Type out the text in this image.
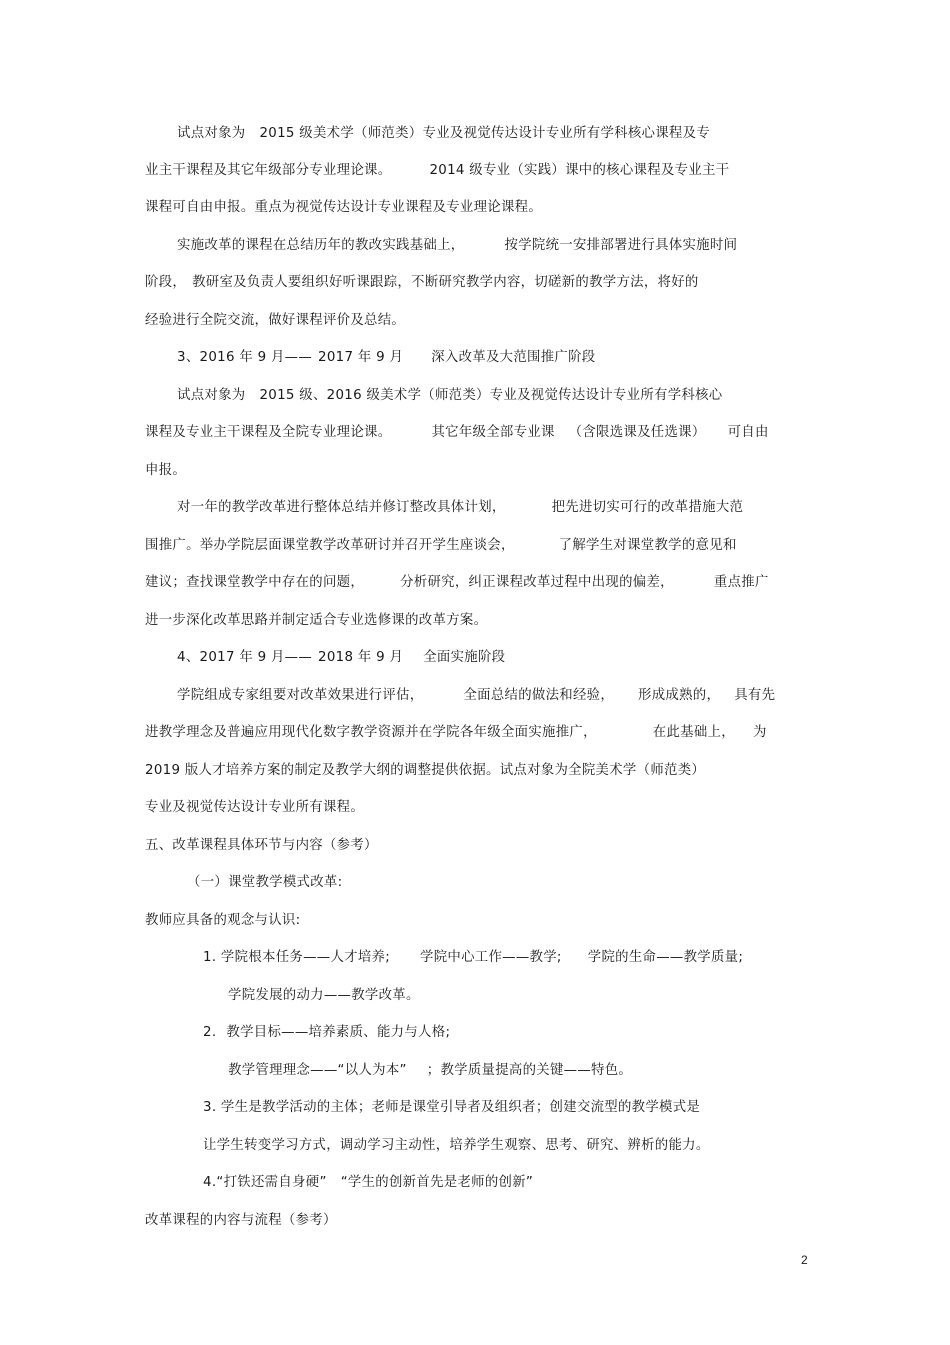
试点对象为 2015 级美术学（师范类）专业及视觉传达设计专业所有学科核心课程及专
业主干课程及其它年级部分专业理论课。	2014 级专业（实践）课中的核心课程及专业主干
课程可自由申报。重点为视觉传达设计专业课程及专业理论课程。
实施改革的课程在总结历年的教改实践基础上，	按学院统一安排部署进行具体实施时间
阶段， 教研室及负责人要组织好听课跟踪，不断研究教学内容，切磋新的教学方法，将好的
经验进行全院交流，做好课程评价及总结。
3、2016 年 9 月—— 2017 年 9 月 深入改革及大范围推广阶段
试点对象为 2015 级、2016 级美术学（师范类）专业及视觉传达设计专业所有学科核心
课程及专业主干课程及全院专业理论课。	其它年级全部专业课 （含限选课及任选课） 可自由
申报。
对一年的教学改革进行整体总结并修订整改具体计划，	把先进切实可行的改革措施大范
围推广。举办学院层面课堂教学改革研讨并召开学生座谈会，	了解学生对课堂教学的意见和
建议；查找课堂教学中存在的问题，	分析研究，纠正课程改革过程中出现的偏差，	重点推广
进一步深化改革思路并制定适合专业选修课的改革方案。
4、2017 年 9 月—— 2018 年 9 月 全面实施阶段
学院组成专家组要对改革效果进行评估，	全面总结的做法和经验， 形成成熟的， 具有先
进教学理念及普遍应用现代化数字教学资源并在学院各年级全面实施推广，	在此基础上， 为
2019 版人才培养方案的制定及教学大纲的调整提供依据。试点对象为全院美术学（师范类）
专业及视觉传达设计专业所有课程。
五、改革课程具体环节与内容（参考）
（一）课堂教学模式改革:
教师应具备的观念与认识:
1. 学院根本任务——人才培养; 学院中心工作——教学; 学院的生命——教学质量;
学院发展的动力——教学改革。
2. 教学目标——培养素质、能力与人格;
教学管理理念——“以人为本” ；教学质量提高的关键——特色。
3. 学生是教学活动的主体；老师是课堂引导者及组织者；创建交流型的教学模式是
让学生转变学习方式，调动学习主动性，培养学生观察、思考、研究、辨析的能力。
4.“打铁还需自身硬” “学生的创新首先是老师的创新”
改革课程的内容与流程（参考）
2
